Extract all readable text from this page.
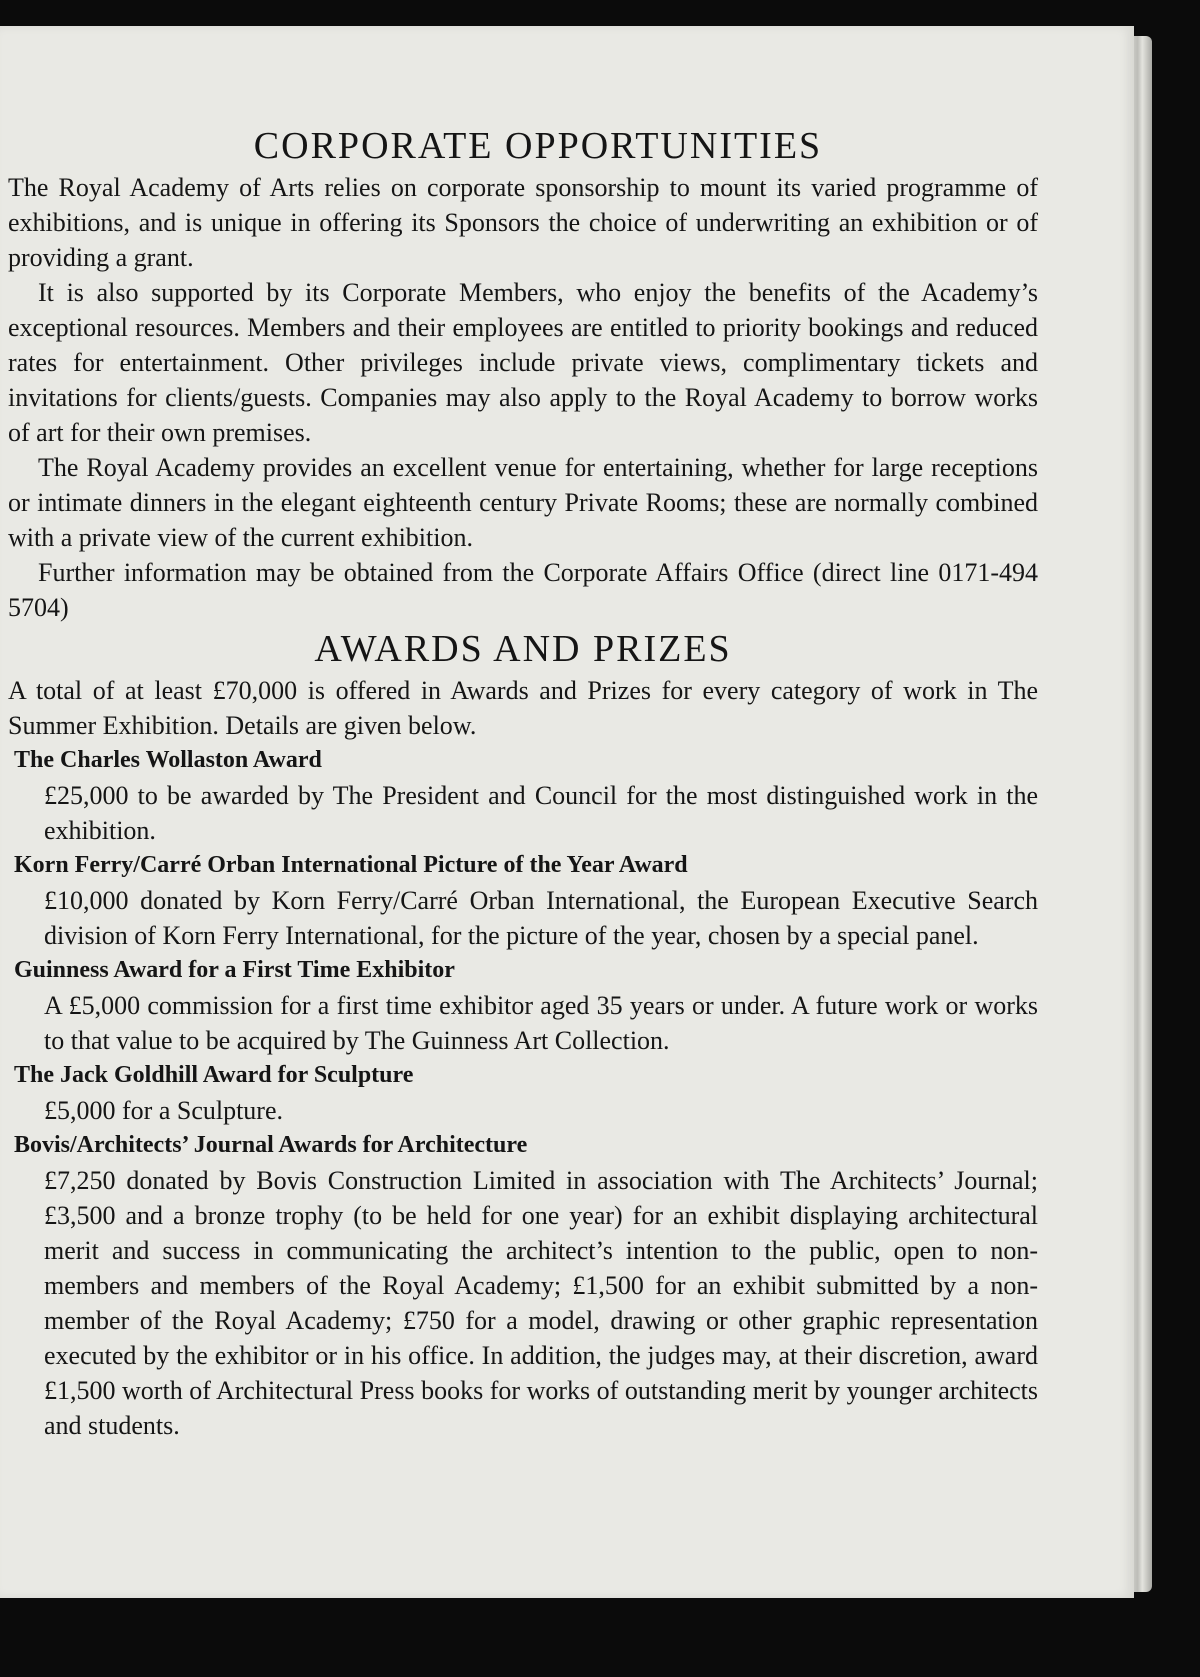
CORPORATE OPPORTUNITIES

The Royal Academy of Arts relies on corporate sponsorship to mount its varied programme of exhibitions, and is unique in offering its Sponsors the choice of underwriting an exhibition or of providing a grant.

It is also supported by its Corporate Members, who enjoy the benefits of the Academy’s exceptional resources. Members and their employees are entitled to priority bookings and reduced rates for entertainment. Other privileges include private views, complimentary tickets and invitations for clients/guests. Companies may also apply to the Royal Academy to borrow works of art for their own premises.

The Royal Academy provides an excellent venue for entertaining, whether for large receptions or intimate dinners in the elegant eighteenth century Private Rooms; these are normally combined with a private view of the current exhibition.

Further information may be obtained from the Corporate Affairs Office (direct line 0171-494 5704)

AWARDS AND PRIZES

A total of at least £70,000 is offered in Awards and Prizes for every category of work in The Summer Exhibition. Details are given below.

The Charles Wollaston Award
£25,000 to be awarded by The President and Council for the most distinguished work in the exhibition.
Korn Ferry/Carré Orban International Picture of the Year Award
£10,000 donated by Korn Ferry/Carré Orban International, the European Executive Search division of Korn Ferry International, for the picture of the year, chosen by a special panel.
Guinness Award for a First Time Exhibitor
A £5,000 commission for a first time exhibitor aged 35 years or under. A future work or works to that value to be acquired by The Guinness Art Collection.
The Jack Goldhill Award for Sculpture
£5,000 for a Sculpture.
Bovis/Architects’ Journal Awards for Architecture
£7,250 donated by Bovis Construction Limited in association with The Architects’ Journal; £3,500 and a bronze trophy (to be held for one year) for an exhibit displaying architectural merit and success in communicating the architect’s intention to the public, open to non-members and members of the Royal Academy; £1,500 for an exhibit submitted by a non-member of the Royal Academy; £750 for a model, drawing or other graphic representation executed by the exhibitor or in his office. In addition, the judges may, at their discretion, award £1,500 worth of Architectural Press books for works of outstanding merit by younger architects and students.
